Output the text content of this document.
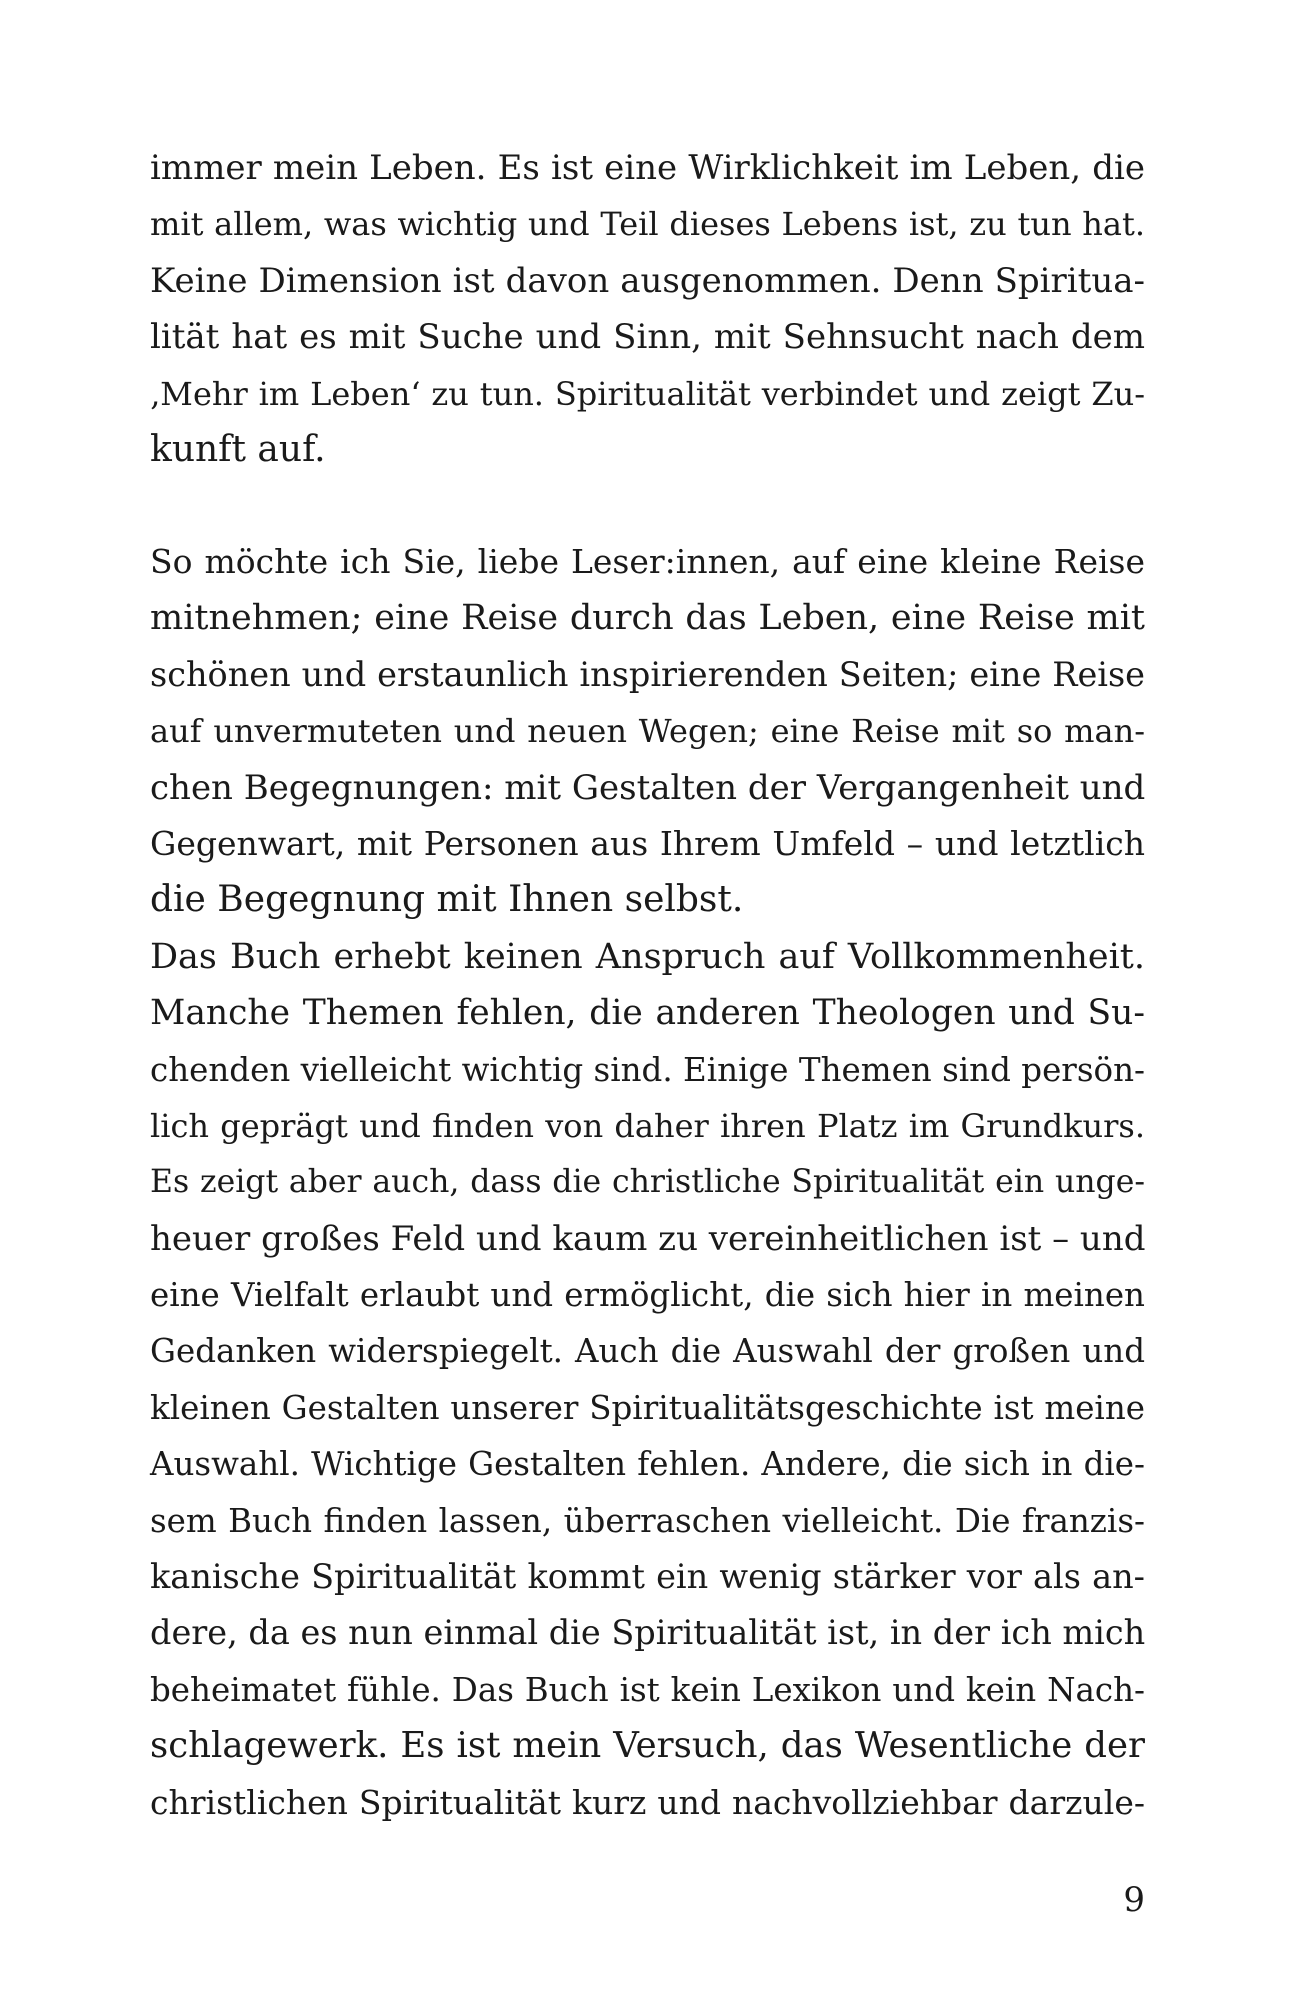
immer mein Leben. Es ist eine Wirklichkeit im Leben, die
mit allem, was wichtig und Teil dieses Lebens ist, zu tun hat.
Keine Dimension ist davon ausgenommen. Denn Spiritua-
lität hat es mit Suche und Sinn, mit Sehnsucht nach dem
‚Mehr im Leben‘ zu tun. Spiritualität verbindet und zeigt Zu-
kunft auf.
So möchte ich Sie, liebe Leser:innen, auf eine kleine Reise
mitnehmen; eine Reise durch das Leben, eine Reise mit
schönen und erstaunlich inspirierenden Seiten; eine Reise
auf unvermuteten und neuen Wegen; eine Reise mit so man-
chen Begegnungen: mit Gestalten der Vergangenheit und
Gegenwart, mit Personen aus Ihrem Umfeld – und letztlich
die Begegnung mit Ihnen selbst.
Das Buch erhebt keinen Anspruch auf Vollkommenheit.
Manche Themen fehlen, die anderen Theologen und Su-
chenden vielleicht wichtig sind. Einige Themen sind persön-
lich geprägt und finden von daher ihren Platz im Grundkurs.
Es zeigt aber auch, dass die christliche Spiritualität ein unge-
heuer großes Feld und kaum zu vereinheitlichen ist – und
eine Vielfalt erlaubt und ermöglicht, die sich hier in meinen
Gedanken widerspiegelt. Auch die Auswahl der großen und
kleinen Gestalten unserer Spiritualitätsgeschichte ist meine
Auswahl. Wichtige Gestalten fehlen. Andere, die sich in die-
sem Buch finden lassen, überraschen vielleicht. Die franzis-
kanische Spiritualität kommt ein wenig stärker vor als an-
dere, da es nun einmal die Spiritualität ist, in der ich mich
beheimatet fühle. Das Buch ist kein Lexikon und kein Nach-
schlagewerk. Es ist mein Versuch, das Wesentliche der
christlichen Spiritualität kurz und nachvollziehbar darzule-
9
